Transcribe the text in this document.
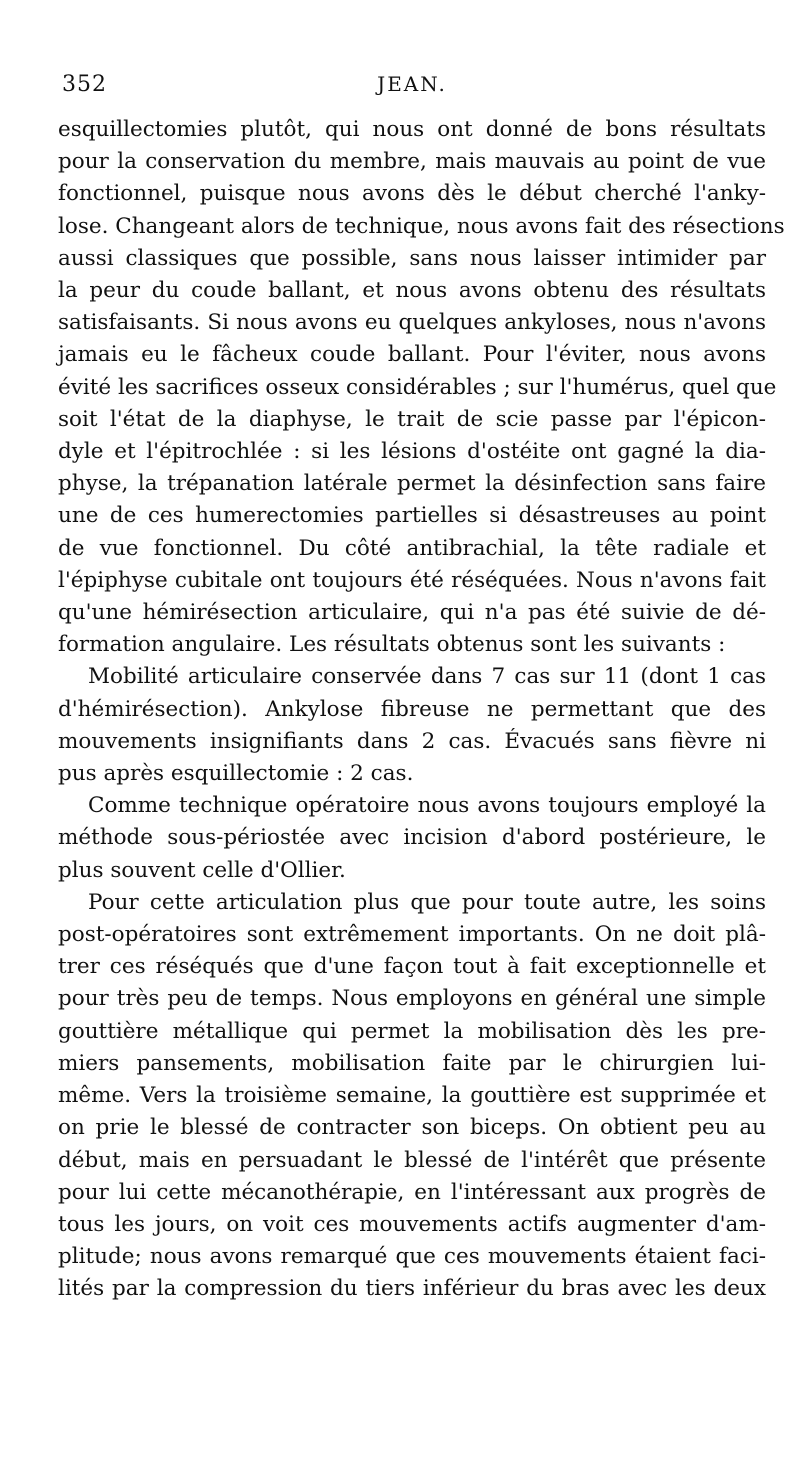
352	JEAN.
esquillectomies plutôt, qui nous ont donné de bons résultats
pour la conservation du membre, mais mauvais au point de vue
fonctionnel, puisque nous avons dès le début cherché l'anky-
lose. Changeant alors de technique, nous avons fait des résections
aussi classiques que possible, sans nous laisser intimider par
la peur du coude ballant, et nous avons obtenu des résultats
satisfaisants. Si nous avons eu quelques ankyloses, nous n'avons
jamais eu le fâcheux coude ballant. Pour l'éviter, nous avons
évité les sacrifices osseux considérables ; sur l'humérus, quel que
soit l'état de la diaphyse, le trait de scie passe par l'épicon-
dyle et l'épitrochlée : si les lésions d'ostéite ont gagné la dia-
physe, la trépanation latérale permet la désinfection sans faire
une de ces humerectomies partielles si désastreuses au point
de vue fonctionnel. Du côté antibrachial, la tête radiale et
l'épiphyse cubitale ont toujours été réséquées. Nous n'avons fait
qu'une hémirésection articulaire, qui n'a pas été suivie de dé-
formation angulaire. Les résultats obtenus sont les suivants :
Mobilité articulaire conservée dans 7 cas sur 11 (dont 1 cas
d'hémirésection). Ankylose fibreuse ne permettant que des
mouvements insignifiants dans 2 cas. Évacués sans fièvre ni
pus après esquillectomie : 2 cas.
Comme technique opératoire nous avons toujours employé la
méthode sous-périostée avec incision d'abord postérieure, le
plus souvent celle d'Ollier.
Pour cette articulation plus que pour toute autre, les soins
post-opératoires sont extrêmement importants. On ne doit plâ-
trer ces réséqués que d'une façon tout à fait exceptionnelle et
pour très peu de temps. Nous employons en général une simple
gouttière métallique qui permet la mobilisation dès les pre-
miers pansements, mobilisation faite par le chirurgien lui-
même. Vers la troisième semaine, la gouttière est supprimée et
on prie le blessé de contracter son biceps. On obtient peu au
début, mais en persuadant le blessé de l'intérêt que présente
pour lui cette mécanothérapie, en l'intéressant aux progrès de
tous les jours, on voit ces mouvements actifs augmenter d'am-
plitude; nous avons remarqué que ces mouvements étaient faci-
lités par la compression du tiers inférieur du bras avec les deux
